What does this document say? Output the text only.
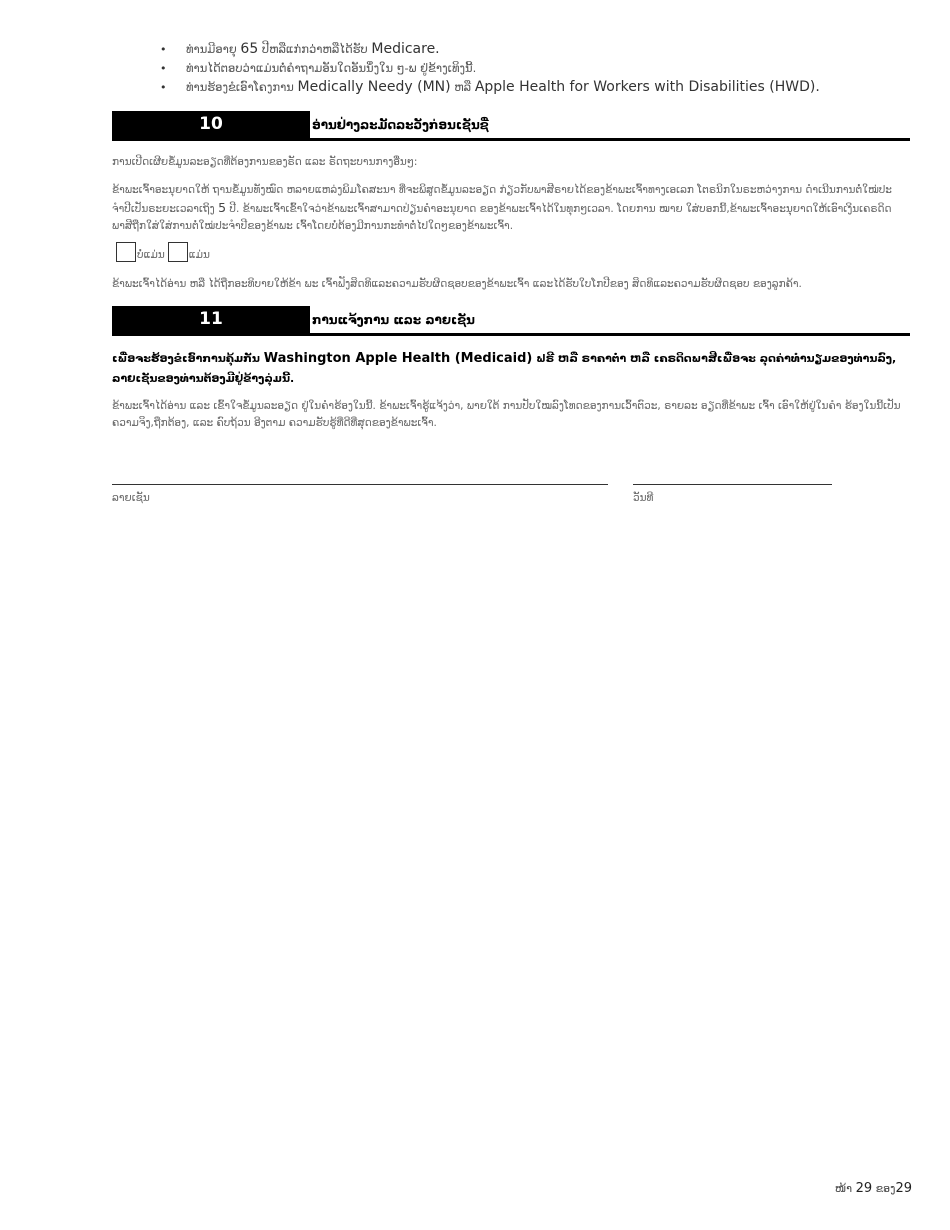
• ທ່ານມີອາຍຸ 65 ປີຫລືແກ່ກວ່າຫລືໄດ້ຮັບ Medicare.
• ທ່ານໄດ້ຕອບວ່າແມ່ນຕໍ່ຄໍາຖາມອັນໃດອັນນຶ່ງໃນ ໆ-ພ ຢູ່ຂ້າງເທິງນີ້.
• ທ່ານຮ້ອງຂໍເອົາໂຄງການ Medically Needy (MN) ຫລື Apple Health for Workers with Disabilities (HWD).
10	ອ່ານຢ່າງລະມັດລະວັງກ່ອນເຊັນຊື່
ການເປີດເຜີຍຂໍ້ມູນລະອຽດທີ່ຕ້ອງການຂອງຣັດ ແລະ ຣັດຖະບານກາງອື່ນໆ:
ຂ້າພະເຈົ້າອະນຸຍາດໃຫ້ ຖານຂໍ້ມູນທັງໝົດ ຫລາຍແຫລ່ງພິມໂຄສະນາ ທີ່ຈະພິສູດຂໍ້ມູນລະອຽດ ກ່ຽວກັບພາສີຣາຍໄດ້ຂອງຂ້າພະເຈົ້າທາງເອເລກ ໂຕຣນິກໃນຣະຫວ່າງການ ດໍາເນີນການຕໍ່ໃໝ່ປະ
ຈໍາປີເປັນຣະຍະເວລາເຖິງ 5 ປີ. ຂ້າພະເຈົ້າເຂົ້າໃຈວ່າຂ້າພະເຈົ້າສາມາດປ່ຽນຄໍາອະນຸຍາດ ຂອງຂ້າພະເຈົ້າໄດ້ໃນທຸກໆເວລາ. ໂດຍການ ໝາຍ ໃສ່ບອກນີ້,ຂ້າພະເຈົ້າອະນຸຍາດໃຫ້ເອົາເງິນເຄຣດິດ
ພາສີຖືກໃສ່ໃສ່ການຕໍ່ໃໝ່ປະຈໍາປີຂອງຂ້າພະ ເຈົ້າໂດຍບໍ່ຕ້ອງມີການກະທໍາຕໍ່ໄປໃດໆຂອງຂ້າພະເຈົ້າ.
ບໍ່ແມ່ນ ແມ່ນ
ຂ້າພະເຈົ້າໄດ້ອ່ານ ຫລື ໄດ້ຖືກອະທິບາຍໃຫ້ຂ້າ ພະ ເຈົ້າຟັງສິດທິແລະຄວາມຮັບຜິດຊອບຂອງຂ້າພະເຈົ້າ ແລະໄດ້ຮັບໃບໂກປີຂອງ ສິດທິແລະຄວາມຮັບຜິດຊອບ ຂອງລູກຄ້າ.
11	ການແຈ້ງການ ແລະ ລາຍເຊັນ
ເພື່ອຈະຮ້ອງຂໍເອົາການຄຸ້ມກັນ Washington Apple Health (Medicaid) ຟຣີ ຫລື ຣາຄາຕໍ່າ ຫລື ເຄຣດິດພາສີເພື່ອຈະ ລຸດຄ່າທໍານຽມຂອງທ່ານລົງ,
ລາຍເຊັນຂອງທ່ານຕ້ອງມີຢູ່ຂ້າງລຸ່ມນີ້.
ຂ້າພະເຈົ້າໄດ້ອ່ານ ແລະ ເຂົ້າໃຈຂໍ້ມູນລະອຽດ ຢູ່ໃນຄໍາຮ້ອງໃນນີ້. ຂ້າພະເຈົ້າຮູ້ແຈ້ງວ່າ, ພາຍໃຕ້ ການປັບໃໝລົງໂທດຂອງການເວົ້າຕົວະ, ຣາຍລະ ອຽດທີ່ຂ້າພະ ເຈົ້າ ເອົາໃຫ້ຢູ່ໃນຄໍາ ຮ້ອງໃນນີ້ເປັນ
ຄວາມຈິງ,ຖືກຕ້ອງ, ແລະ ຄົບຖ້ວນ ອີງຕາມ ຄວາມຮັບຮູ້ທີ່ດີທີ່ສຸດຂອງຂ້າພະເຈົ້າ.
ລາຍເຊັນ	ວັນທີ
ໜ້າ 29 ຂອງ29
